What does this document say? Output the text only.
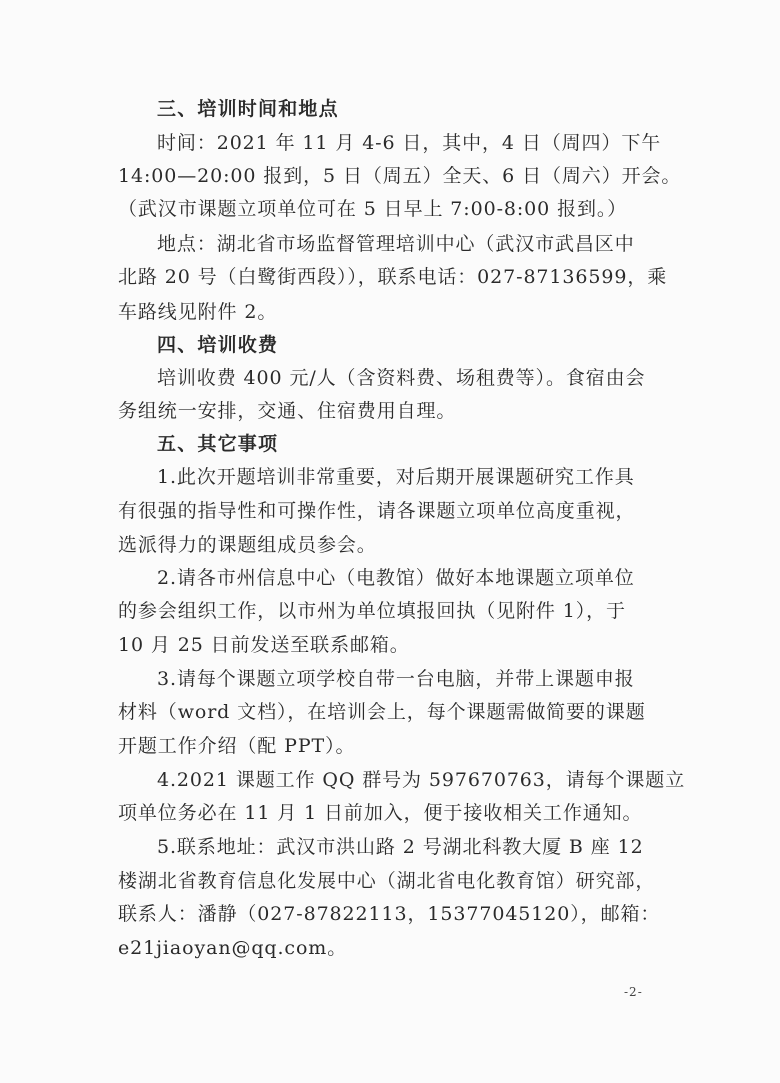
三、培训时间和地点
时间：2021 年 11 月 4-6 日，其中，4 日（周四）下午
14:00—20:00 报到，5 日（周五）全天、6 日（周六）开会。
（武汉市课题立项单位可在 5 日早上 7:00-8:00 报到。）
地点：湖北省市场监督管理培训中心（武汉市武昌区中
北路 20 号（白鹭街西段）），联系电话：027-87136599，乘
车路线见附件 2。
四、培训收费
培训收费 400 元/人（含资料费、场租费等）。食宿由会
务组统一安排，交通、住宿费用自理。
五、其它事项
1.此次开题培训非常重要，对后期开展课题研究工作具
有很强的指导性和可操作性，请各课题立项单位高度重视，
选派得力的课题组成员参会。
2.请各市州信息中心（电教馆）做好本地课题立项单位
的参会组织工作，以市州为单位填报回执（见附件 1），于
10 月 25 日前发送至联系邮箱。
3.请每个课题立项学校自带一台电脑，并带上课题申报
材料（word 文档），在培训会上，每个课题需做简要的课题
开题工作介绍（配 PPT）。
4.2021 课题工作 QQ 群号为 597670763，请每个课题立
项单位务必在 11 月 1 日前加入，便于接收相关工作通知。
5.联系地址：武汉市洪山路 2 号湖北科教大厦 B 座 12
楼湖北省教育信息化发展中心（湖北省电化教育馆）研究部，
联系人：潘静（027-87822113，15377045120），邮箱：
e21jiaoyan@qq.com。
-2-
